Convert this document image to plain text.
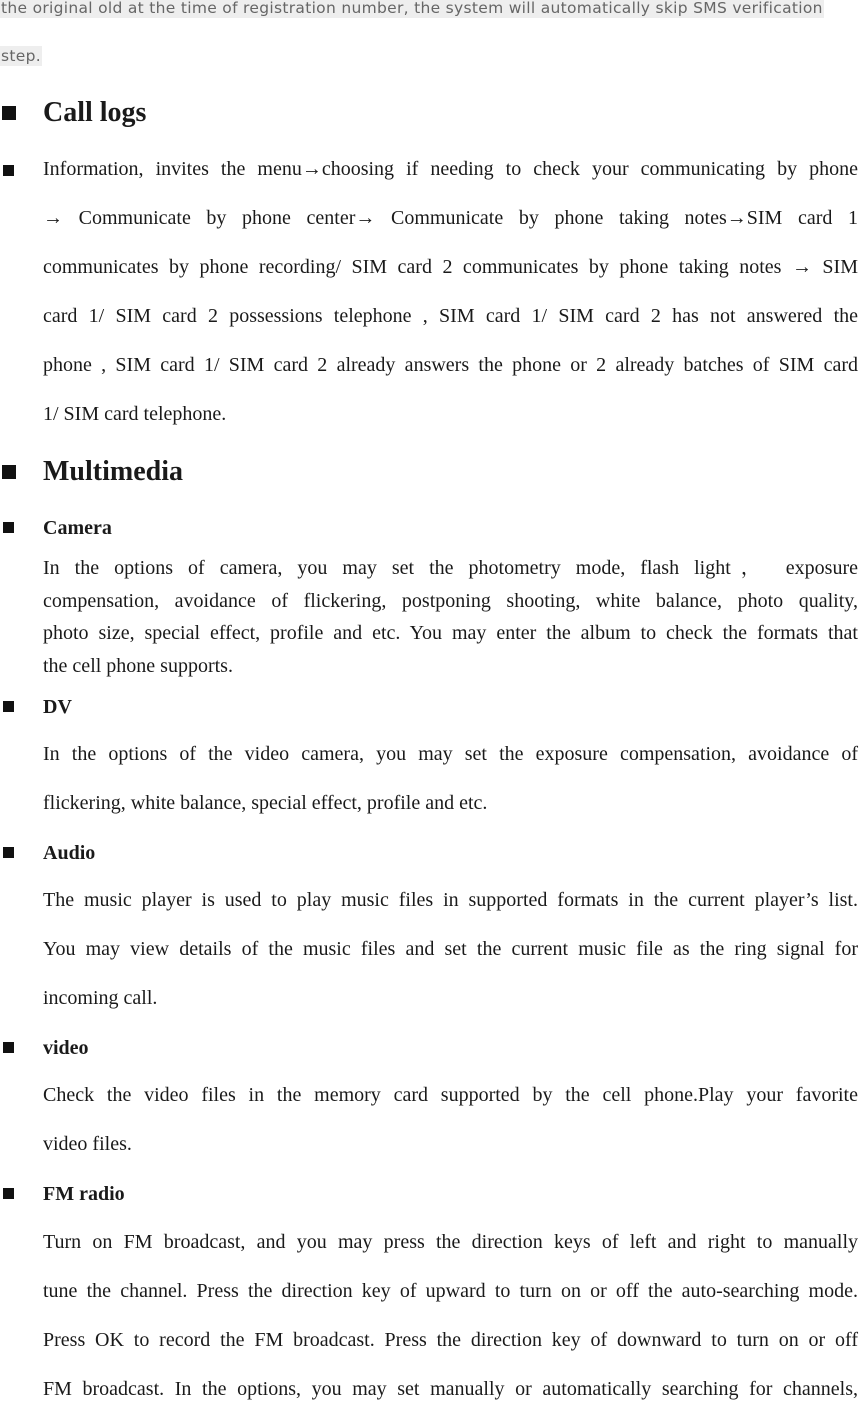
the original old at the time of registration number, the system will automatically skip SMS verification
step.
Call logs
Information, invites the menu→choosing if needing to check your communicating by phone
→ Communicate by phone center→ Communicate by phone taking notes→SIM card 1
communicates by phone recording/ SIM card 2 communicates by phone taking notes → SIM
card 1/ SIM card 2 possessions telephone , SIM card 1/ SIM card 2 has not answered the
phone , SIM card 1/ SIM card 2 already answers the phone or 2 already batches of SIM card
1/ SIM card telephone.
Multimedia
Camera
In the options of camera, you may set the photometry mode, flash light， exposure
compensation, avoidance of flickering, postponing shooting, white balance, photo quality,
photo size, special effect, profile and etc. You may enter the album to check the formats that
the cell phone supports.
DV
In the options of the video camera, you may set the exposure compensation, avoidance of
flickering, white balance, special effect, profile and etc.
Audio
The music player is used to play music files in supported formats in the current player’s list.
You may view details of the music files and set the current music file as the ring signal for
incoming call.
video
Check the video files in the memory card supported by the cell phone.Play your favorite
video files.
FM radio
Turn on FM broadcast, and you may press the direction keys of left and right to manually
tune the channel. Press the direction key of upward to turn on or off the auto-searching mode.
Press OK to record the FM broadcast. Press the direction key of downward to turn on or off
FM broadcast. In the options, you may set manually or automatically searching for channels,
